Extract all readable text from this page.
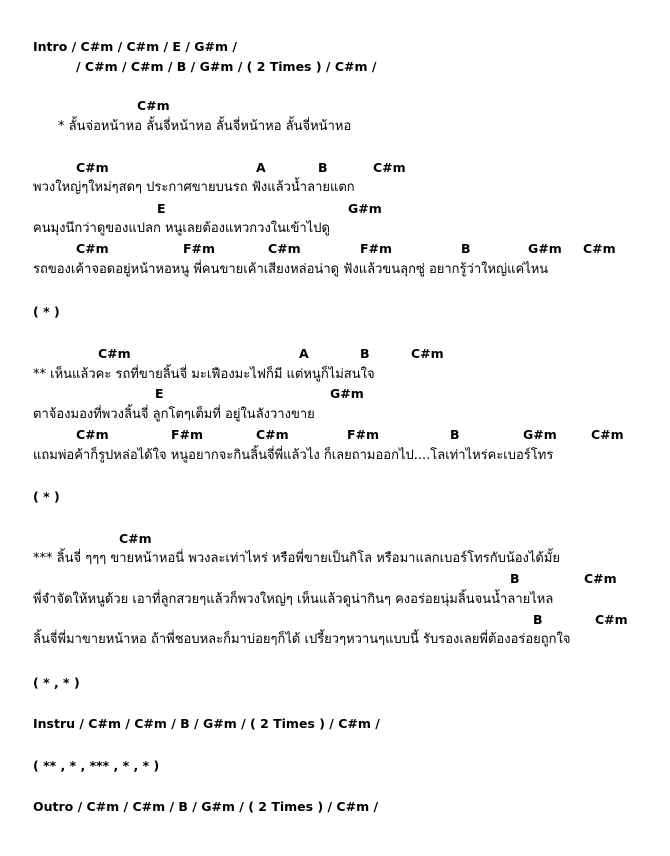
Intro / C#m / C#m / E / G#m /
/ C#m / C#m / B / G#m / ( 2 Times ) / C#m /
C#m
* ลั้นจ่อหน้าหอ ลั้นจี่หน้าหอ ลั้นจี่หน้าหอ ลั้นจี่หน้าหอ
C#m	A	B	C#m
พวงใหญ่ๆใหม่ๆสดๆ ประกาศขายบนรถ ฟังแล้วน้ำลายแตก
E	G#m
คนมุงนึกว่าดูของแปลก หนูเลยต้องแหวกวงในเข้าไปดู
C#m	F#m	C#m	F#m	B	G#m C#m
รถของเค้าจอดอยู่หน้าหอหนู พี่คนขายเค้าเสียงหล่อน่าดู ฟังแล้วขนลุกซู่ อยากรู้ว่าใหญ่แค่ไหน
( * )
C#m	A	B	C#m
** เห็นแล้วคะ รถที่ขายลิ้นจี่ มะเฟืองมะไฟก็มี แต่หนูก็ไม่สนใจ
E	G#m
ตาจ้องมองที่พวงลิ้นจี่ ลูกโตๆเต็มที่ อยู่ในลังวางขาย
C#m	F#m	C#m	F#m	B	G#m	C#m
แถมพ่อค้าก็รูปหล่อได้ใจ หนูอยากจะกินลิ้นจี่พี่แล้วไง ก็เลยถามออกไป....โลเท่าไหร่คะเบอร์โทร
( * )
C#m
*** ลิ้นจี่ ๆๆๆ ขายหน้าหอนี่ พวงละเท่าไหร่ หรือพี่ขายเป็นกิโล หรือมาแลกเบอร์โทรกับน้องได้มั้ย
B	C#m
พี่จำจัดให้หนูด้วย เอาที่ลูกสวยๆแล้วก็พวงใหญ่ๆ เห็นแล้วดูน่ากินๆ คงอร่อยนุ่มลิ้นจนน้ำลายไหล
B	C#m
ลิ้นจี่พี่มาขายหน้าหอ ถ้าพี่ชอบหละก็มาบ่อยๆก็ได้ เปรี้ยวๆหวานๆแบบนี้ รับรองเลยพี่ต้องอร่อยถูกใจ
( * , * )
Instru / C#m / C#m / B / G#m / ( 2 Times ) / C#m /
( ** , * , *** , * , * )
Outro / C#m / C#m / B / G#m / ( 2 Times ) / C#m /
